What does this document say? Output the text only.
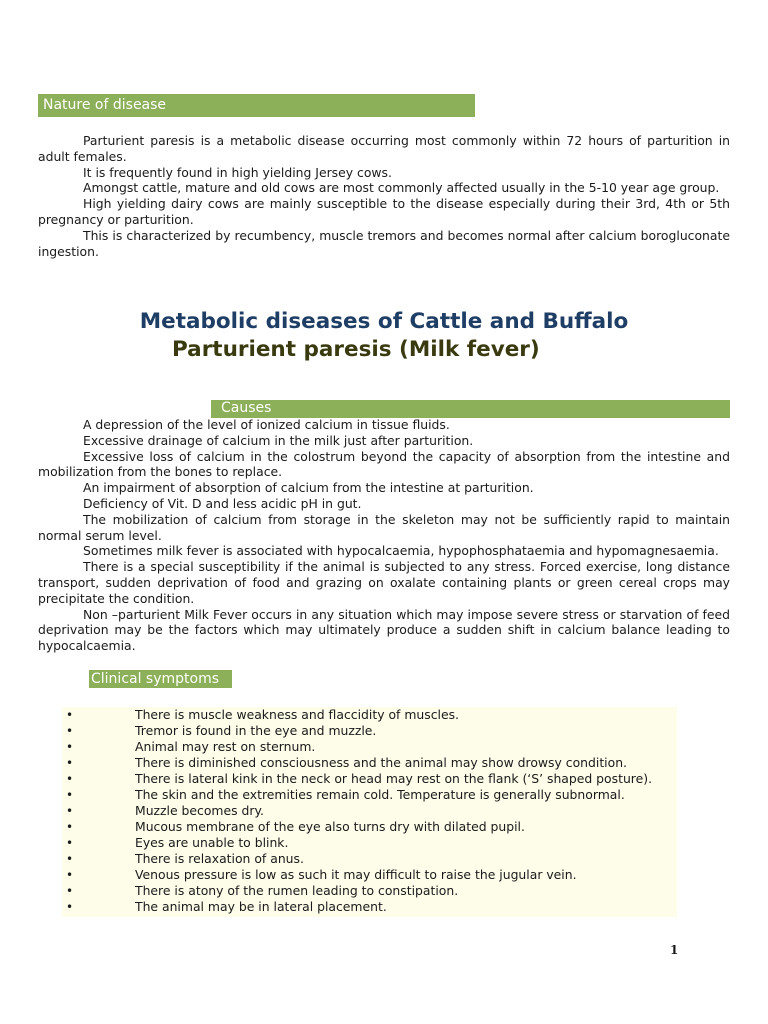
Nature of disease

Parturient paresis is a metabolic disease occurring most commonly within 72 hours of parturition in adult females.

It is frequently found in high yielding Jersey cows.

Amongst cattle, mature and old cows are most commonly affected usually in the 5-10 year age group.

High yielding dairy cows are mainly susceptible to the disease especially during their 3rd, 4th or 5th pregnancy or parturition.

This is characterized by recumbency, muscle tremors and becomes normal after calcium borogluconate ingestion.

Metabolic diseases of Cattle and Buffalo
Parturient paresis (Milk fever)
Causes

A depression of the level of ionized calcium in tissue fluids.

Excessive drainage of calcium in the milk just after parturition.

Excessive loss of calcium in the colostrum beyond the capacity of absorption from the intestine and mobilization from the bones to replace.

An impairment of absorption of calcium from the intestine at parturition.

Deficiency of Vit. D and less acidic pH in gut.

The mobilization of calcium from storage in the skeleton may not be sufficiently rapid to maintain normal serum level.

Sometimes milk fever is associated with hypocalcaemia, hypophosphataemia and hypomagnesaemia.

There is a special susceptibility if the animal is subjected to any stress. Forced exercise, long distance transport, sudden deprivation of food and grazing on oxalate containing plants or green cereal crops may precipitate the condition.

Non –parturient Milk Fever occurs in any situation which may impose severe stress or starvation of feed deprivation may be the factors which may ultimately produce a sudden shift in calcium balance leading to hypocalcaemia.

Clinical symptoms
•	There is muscle weakness and flaccidity of muscles.
•	Tremor is found in the eye and muzzle.
•	Animal may rest on sternum.
•	There is diminished consciousness and the animal may show drowsy condition.
•	There is lateral kink in the neck or head may rest on the flank (‘S’ shaped posture).
•	The skin and the extremities remain cold. Temperature is generally subnormal.
•	Muzzle becomes dry.
•	Mucous membrane of the eye also turns dry with dilated pupil.
•	Eyes are unable to blink.
•	There is relaxation of anus.
•	Venous pressure is low as such it may difficult to raise the jugular vein.
•	There is atony of the rumen leading to constipation.
•	The animal may be in lateral placement.
1
